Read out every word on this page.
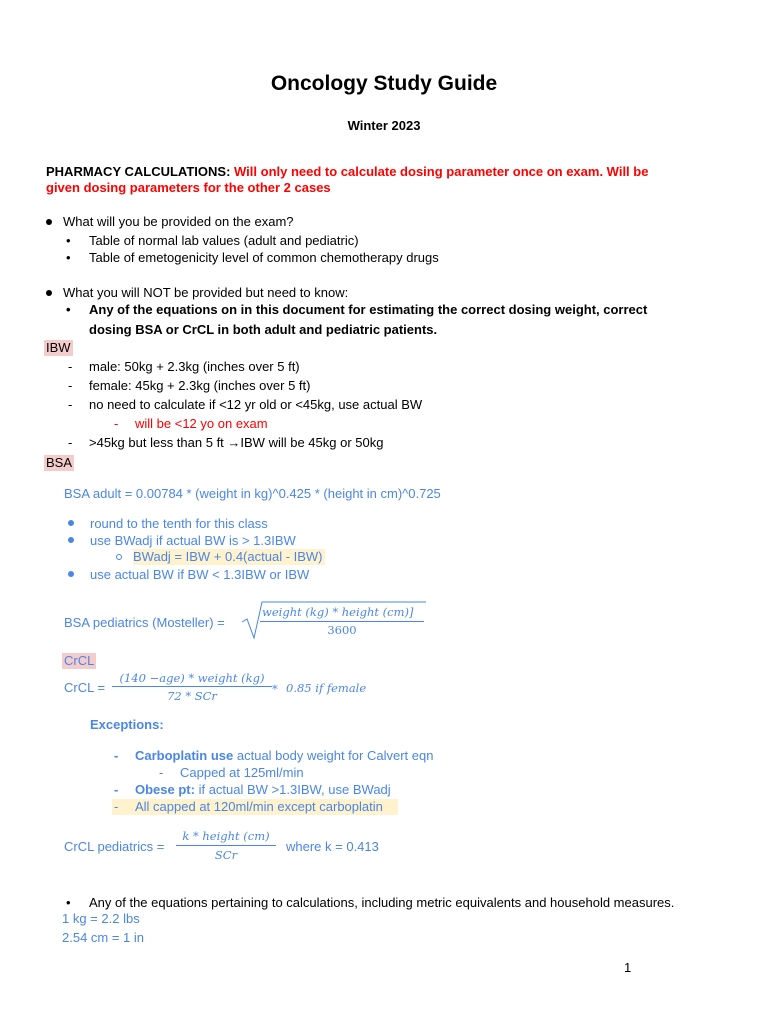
Oncology Study Guide
Winter 2023
PHARMACY CALCULATIONS: Will only need to calculate dosing parameter once on exam. Will be
given dosing parameters for the other 2 cases
What will you be provided on the exam?
• Table of normal lab values (adult and pediatric)
• Table of emetogenicity level of common chemotherapy drugs
What you will NOT be provided but need to know:
• Any of the equations on in this document for estimating the correct dosing weight, correct
dosing BSA or CrCL in both adult and pediatric patients.
IBW
- male: 50kg + 2.3kg (inches over 5 ft)
- female: 45kg + 2.3kg (inches over 5 ft)
- no need to calculate if <12 yr old or <45kg, use actual BW
- will be <12 yo on exam
- >45kg but less than 5 ft →IBW will be 45kg or 50kg
BSA
BSA adult = 0.00784 * (weight in kg)^0.425 * (height in cm)^0.725
round to the tenth for this class
use BWadj if actual BW is > 1.3IBW
BWadj = IBW + 0.4(actual - IBW)
use actual BW if BW < 1.3IBW or IBW
BSA pediatrics (Mosteller) =
weight (kg) * height (cm)]
3600
CrCL
CrCL =
(140 −age) * weight (kg)
72 * SCr	* 0.85 if female
Exceptions:
- Carboplatin use actual body weight for Calvert eqn
- Capped at 125ml/min
- Obese pt: if actual BW >1.3IBW, use BWadj
- All capped at 120ml/min except carboplatin
CrCL pediatrics =
k * height (cm)
SCr
where k = 0.413
• Any of the equations pertaining to calculations, including metric equivalents and household measures.
1 kg = 2.2 lbs
2.54 cm = 1 in
1
